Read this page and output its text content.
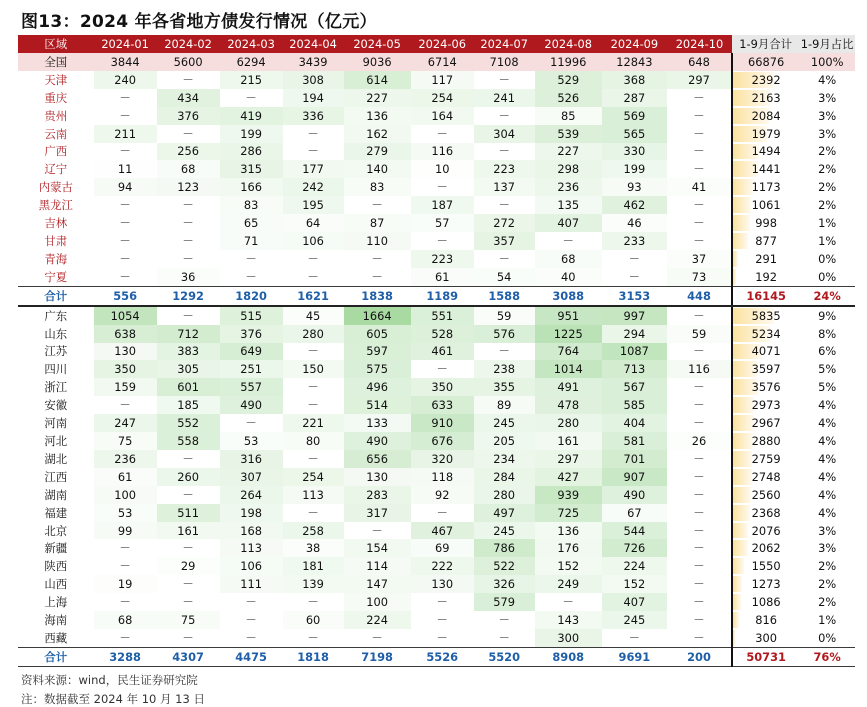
图13：2024 年各省地方债发行情况（亿元）
区域	2024-01	2024-02	2024-03	2024-04	2024-05	2024-06	2024-07	2024-08	2024-09	2024-10	1-9月合计	1-9月占比
全国	3844	5600	6294	3439	9036	6714	7108	11996	12843	648	66876	100%
天津	240	－	215	308	614	117	－	529	368	297	2392	4%
重庆	－	434	－	194	227	254	241	526	287	－	2163	3%
贵州	－	376	419	336	136	164	－	85	569	－	2084	3%
云南	211	－	199	－	162	－	304	539	565	－	1979	3%
广西	－	256	286	－	279	116	－	227	330	－	1494	2%
辽宁	11	68	315	177	140	10	223	298	199	－	1441	2%
内蒙古	94	123	166	242	83	－	137	236	93	41	1173	2%
黑龙江	－	－	83	195	－	187	－	135	462	－	1061	2%
吉林	－	－	65	64	87	57	272	407	46	－	998	1%
甘肃	－	－	71	106	110	－	357	－	233	－	877	1%
青海	－	－	－	－	－	223	－	68	－	37	291	0%
宁夏	－	36	－	－	－	61	54	40	－	73	192	0%
合计	556	1292	1820	1621	1838	1189	1588	3088	3153	448	16145	24%
广东	1054	－	515	45	1664	551	59	951	997	－	5835	9%
山东	638	712	376	280	605	528	576	1225	294	59	5234	8%
江苏	130	383	649	－	597	461	－	764	1087	－	4071	6%
四川	350	305	251	150	575	－	238	1014	713	116	3597	5%
浙江	159	601	557	－	496	350	355	491	567	－	3576	5%
安徽	－	185	490	－	514	633	89	478	585	－	2973	4%
河南	247	552	－	221	133	910	245	280	404	－	2967	4%
河北	75	558	53	80	490	676	205	161	581	26	2880	4%
湖北	236	－	316	－	656	320	234	297	701	－	2759	4%
江西	61	260	307	254	130	118	284	427	907	－	2748	4%
湖南	100	－	264	113	283	92	280	939	490	－	2560	4%
福建	53	511	198	－	317	－	497	725	67	－	2368	4%
北京	99	161	168	258	－	467	245	136	544	－	2076	3%
新疆	－	－	113	38	154	69	786	176	726	－	2062	3%
陕西	－	29	106	181	114	222	522	152	224	－	1550	2%
山西	19	－	111	139	147	130	326	249	152	－	1273	2%
上海	－	－	－	－	100	－	579	－	407	－	1086	2%
海南	68	75	－	60	224	－	－	143	245	－	816	1%
西藏	－	－	－	－	－	－	－	300	－	－	300	0%
合计	3288	4307	4475	1818	7198	5526	5520	8908	9691	200	50731	76%
资料来源：wind，民生证券研究院
注：数据截至 2024 年 10 月 13 日
